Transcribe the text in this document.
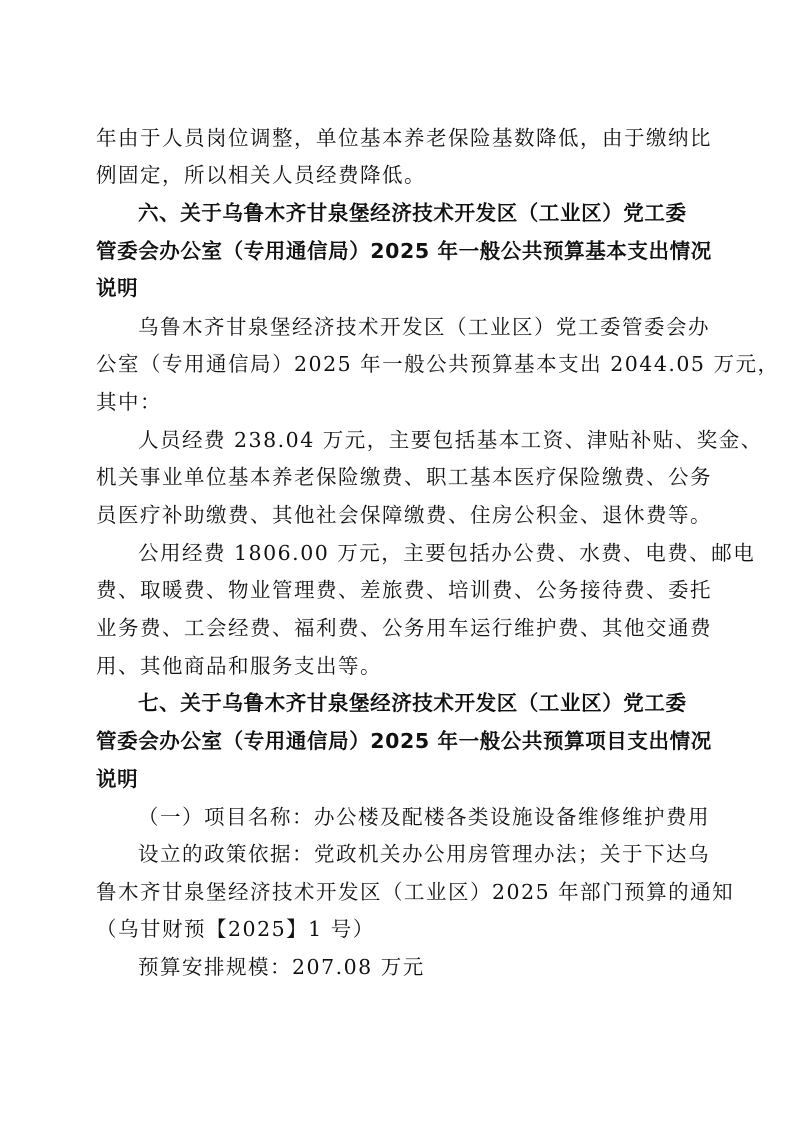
年由于人员岗位调整，单位基本养老保险基数降低，由于缴纳比
例固定，所以相关人员经费降低。
六、关于乌鲁木齐甘泉堡经济技术开发区（工业区）党工委
管委会办公室（专用通信局）2025 年一般公共预算基本支出情况
说明
乌鲁木齐甘泉堡经济技术开发区（工业区）党工委管委会办
公室（专用通信局）2025 年一般公共预算基本支出 2044.05 万元，
其中：
人员经费 238.04 万元，主要包括基本工资、津贴补贴、奖金、
机关事业单位基本养老保险缴费、职工基本医疗保险缴费、公务
员医疗补助缴费、其他社会保障缴费、住房公积金、退休费等。
公用经费 1806.00 万元，主要包括办公费、水费、电费、邮电
费、取暖费、物业管理费、差旅费、培训费、公务接待费、委托
业务费、工会经费、福利费、公务用车运行维护费、其他交通费
用、其他商品和服务支出等。
七、关于乌鲁木齐甘泉堡经济技术开发区（工业区）党工委
管委会办公室（专用通信局）2025 年一般公共预算项目支出情况
说明
（一）项目名称：办公楼及配楼各类设施设备维修维护费用
设立的政策依据：党政机关办公用房管理办法；关于下达乌
鲁木齐甘泉堡经济技术开发区（工业区）2025 年部门预算的通知
（乌甘财预【2025】1 号）
预算安排规模：207.08 万元
